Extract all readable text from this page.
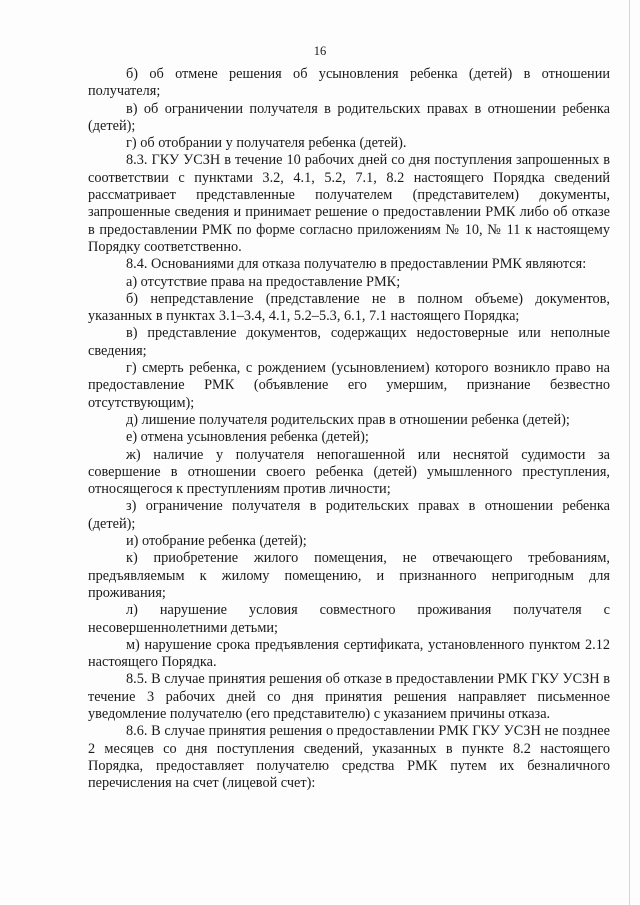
16

б) об отмене решения об усыновления ребенка (детей) в отношении получателя;

в) об ограничении получателя в родительских правах в отношении ребенка (детей);

г) об отобрании у получателя ребенка (детей).

8.3. ГКУ УСЗН в течение 10 рабочих дней со дня поступления запрошенных в соответствии с пунктами 3.2, 4.1, 5.2, 7.1, 8.2 настоящего Порядка сведений рассматривает представленные получателем (представителем) документы, запрошенные сведения и принимает решение о предоставлении РМК либо об отказе в предоставлении РМК по форме согласно приложениям № 10, № 11 к настоящему Порядку соответственно.

8.4. Основаниями для отказа получателю в предоставлении РМК являются:

а) отсутствие права на предоставление РМК;

б) непредставление (представление не в полном объеме) документов, указанных в пунктах 3.1–3.4, 4.1, 5.2–5.3, 6.1, 7.1 настоящего Порядка;

в) представление документов, содержащих недостоверные или неполные сведения;

г) смерть ребенка, с рождением (усыновлением) которого возникло право на предоставление РМК (объявление его умершим, признание безвестно отсутствующим);

д) лишение получателя родительских прав в отношении ребенка (детей);

е) отмена усыновления ребенка (детей);

ж) наличие у получателя непогашенной или неснятой судимости за совершение в отношении своего ребенка (детей) умышленного преступления, относящегося к преступлениям против личности;

з) ограничение получателя в родительских правах в отношении ребенка (детей);

и) отобрание ребенка (детей);

к) приобретение жилого помещения, не отвечающего требованиям, предъявляемым к жилому помещению, и признанного непригодным для проживания;

л) нарушение условия совместного проживания получателя с несовершеннолетними детьми;

м) нарушение срока предъявления сертификата, установленного пунктом 2.12 настоящего Порядка.

8.5. В случае принятия решения об отказе в предоставлении РМК ГКУ УСЗН в течение 3 рабочих дней со дня принятия решения направляет письменное уведомление получателю (его представителю) с указанием причины отказа.

8.6. В случае принятия решения о предоставлении РМК ГКУ УСЗН не позднее 2 месяцев со дня поступления сведений, указанных в пункте 8.2 настоящего Порядка, предоставляет получателю средства РМК путем их безналичного перечисления на счет (лицевой счет):
